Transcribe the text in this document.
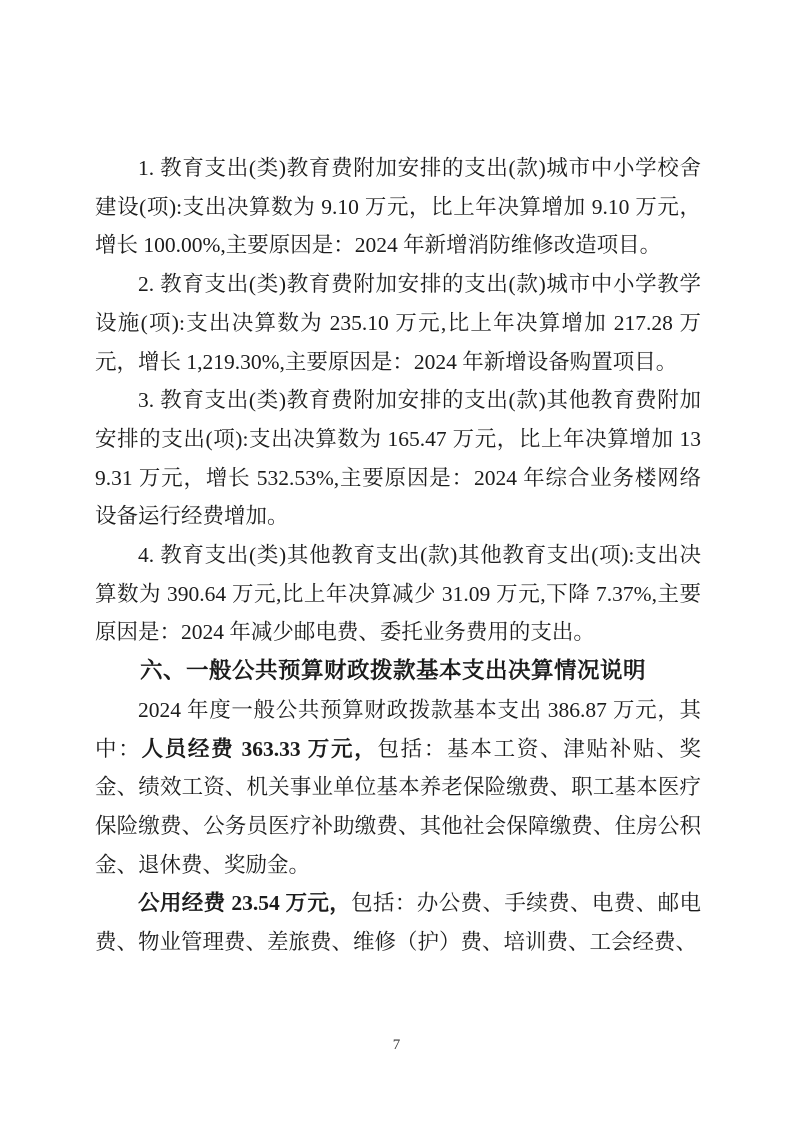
1. 教育支出(类)教育费附加安排的支出(款)城市中小学校舍建设(项):支出决算数为 9.10 万元，比上年决算增加 9.10 万元，增长 100.00%,主要原因是：2024 年新增消防维修改造项目。

2. 教育支出(类)教育费附加安排的支出(款)城市中小学教学设施(项):支出决算数为 235.10 万元,比上年决算增加 217.28 万元，增长 1,219.30%,主要原因是：2024 年新增设备购置项目。

3. 教育支出(类)教育费附加安排的支出(款)其他教育费附加安排的支出(项):支出决算数为 165.47 万元，比上年决算增加 139.31 万元，增长 532.53%,主要原因是：2024 年综合业务楼网络设备运行经费增加。

4. 教育支出(类)其他教育支出(款)其他教育支出(项):支出决算数为 390.64 万元,比上年决算减少 31.09 万元,下降 7.37%,主要原因是：2024 年减少邮电费、委托业务费用的支出。

六、一般公共预算财政拨款基本支出决算情况说明

2024 年度一般公共预算财政拨款基本支出 386.87 万元，其中：人员经费 363.33 万元，包括：基本工资、津贴补贴、奖金、绩效工资、机关事业单位基本养老保险缴费、职工基本医疗保险缴费、公务员医疗补助缴费、其他社会保障缴费、住房公积金、退休费、奖励金。

公用经费 23.54 万元，包括：办公费、手续费、电费、邮电费、物业管理费、差旅费、维修（护）费、培训费、工会经费、

7
